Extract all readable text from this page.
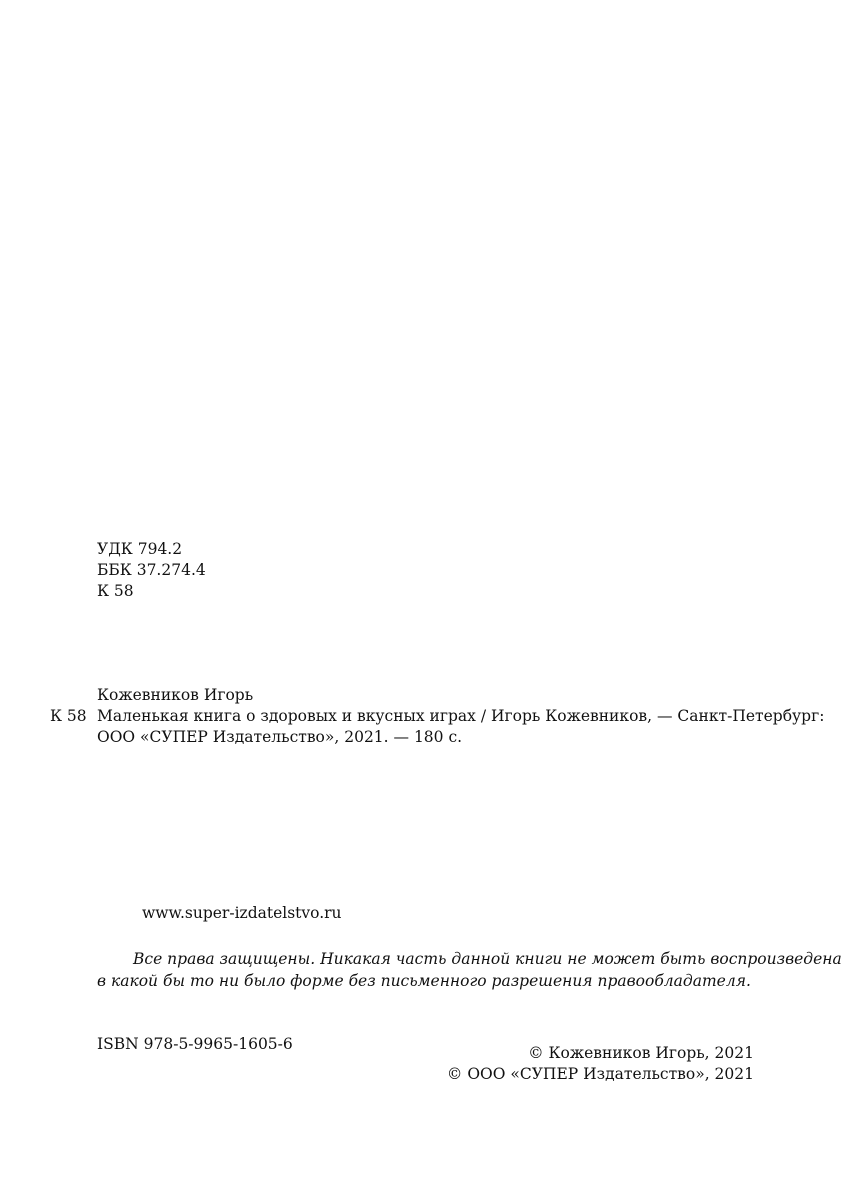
УДК 794.2
ББК 37.274.4
К 58
К 58
Кожевников Игорь
Маленькая книга о здоровых и вкусных играх / Игорь Кожевников, — Санкт-Петербург:
ООО «СУПЕР Издательство», 2021. — 180 с.
www.super-izdatelstvo.ru
Все права защищены. Никакая часть данной книги не может быть воспроизведена
в какой бы то ни было форме без письменного разрешения правообладателя.
ISBN 978-5-9965-1605-6	© Кожевников Игорь, 2021
© ООО «СУПЕР Издательство», 2021
